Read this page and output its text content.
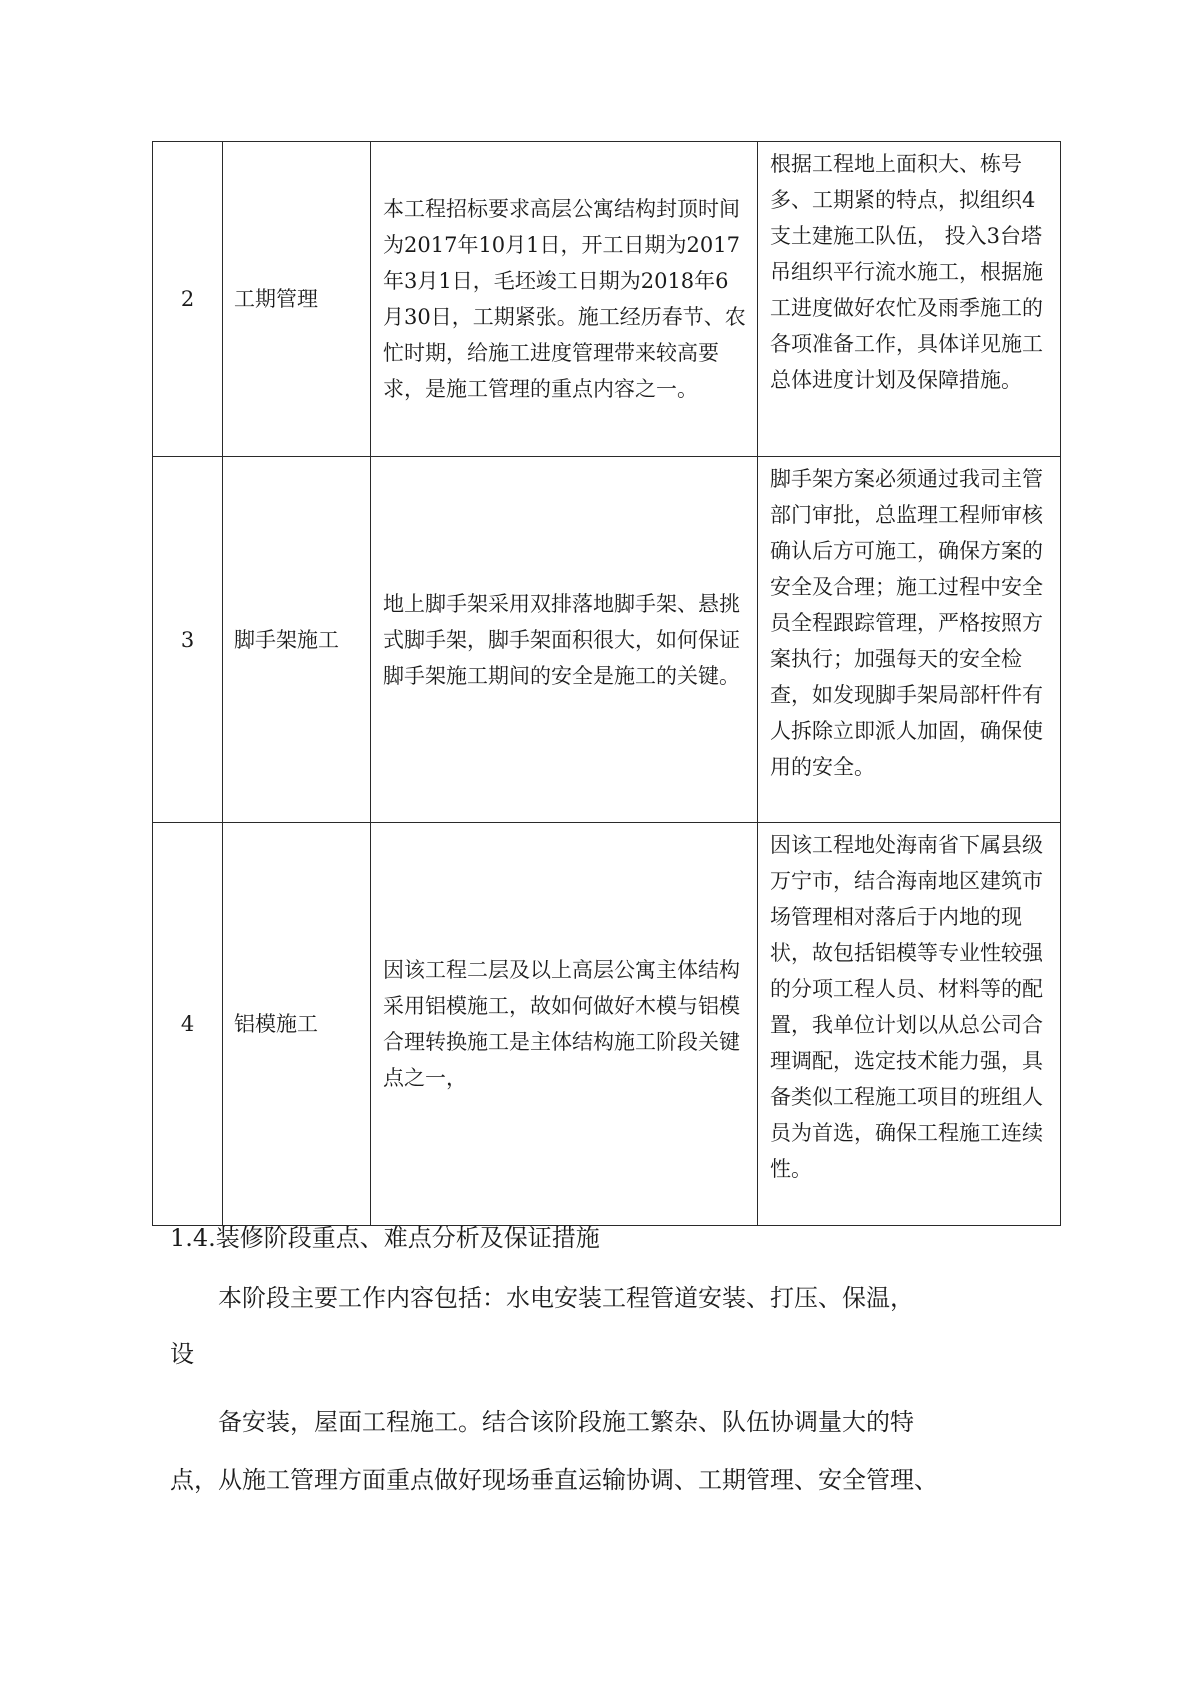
2	工期管理	本工程招标要求高层公寓结构封顶时间为2017年10月1日，开工日期为2017年3月1日，毛坯竣工日期为2018年6月30日，工期紧张。施工经历春节、农忙时期，给施工进度管理带来较高要求，是施工管理的重点内容之一。	根据工程地上面积大、栋号多、工期紧的特点，拟组织4支土建施工队伍， 投入3台塔吊组织平行流水施工，根据施工进度做好农忙及雨季施工的各项准备工作，具体详见施工总体进度计划及保障措施。
3	脚手架施工	地上脚手架采用双排落地脚手架、悬挑式脚手架，脚手架面积很大，如何保证脚手架施工期间的安全是施工的关键。	脚手架方案必须通过我司主管部门审批，总监理工程师审核确认后方可施工，确保方案的安全及合理；施工过程中安全员全程跟踪管理，严格按照方案执行；加强每天的安全检查，如发现脚手架局部杆件有人拆除立即派人加固，确保使用的安全。
4	铝模施工	因该工程二层及以上高层公寓主体结构采用铝模施工，故如何做好木模与铝模合理转换施工是主体结构施工阶段关键点之一，	因该工程地处海南省下属县级万宁市，结合海南地区建筑市场管理相对落后于内地的现状，故包括铝模等专业性较强的分项工程人员、材料等的配置，我单位计划以从总公司合理调配，选定技术能力强，具备类似工程施工项目的班组人员为首选，确保工程施工连续性。
1.4.装修阶段重点、难点分析及保证措施
本阶段主要工作内容包括：水电安装工程管道安装、打压、保温，
设
备安装，屋面工程施工。结合该阶段施工繁杂、队伍协调量大的特
点，从施工管理方面重点做好现场垂直运输协调、工期管理、安全管理、
